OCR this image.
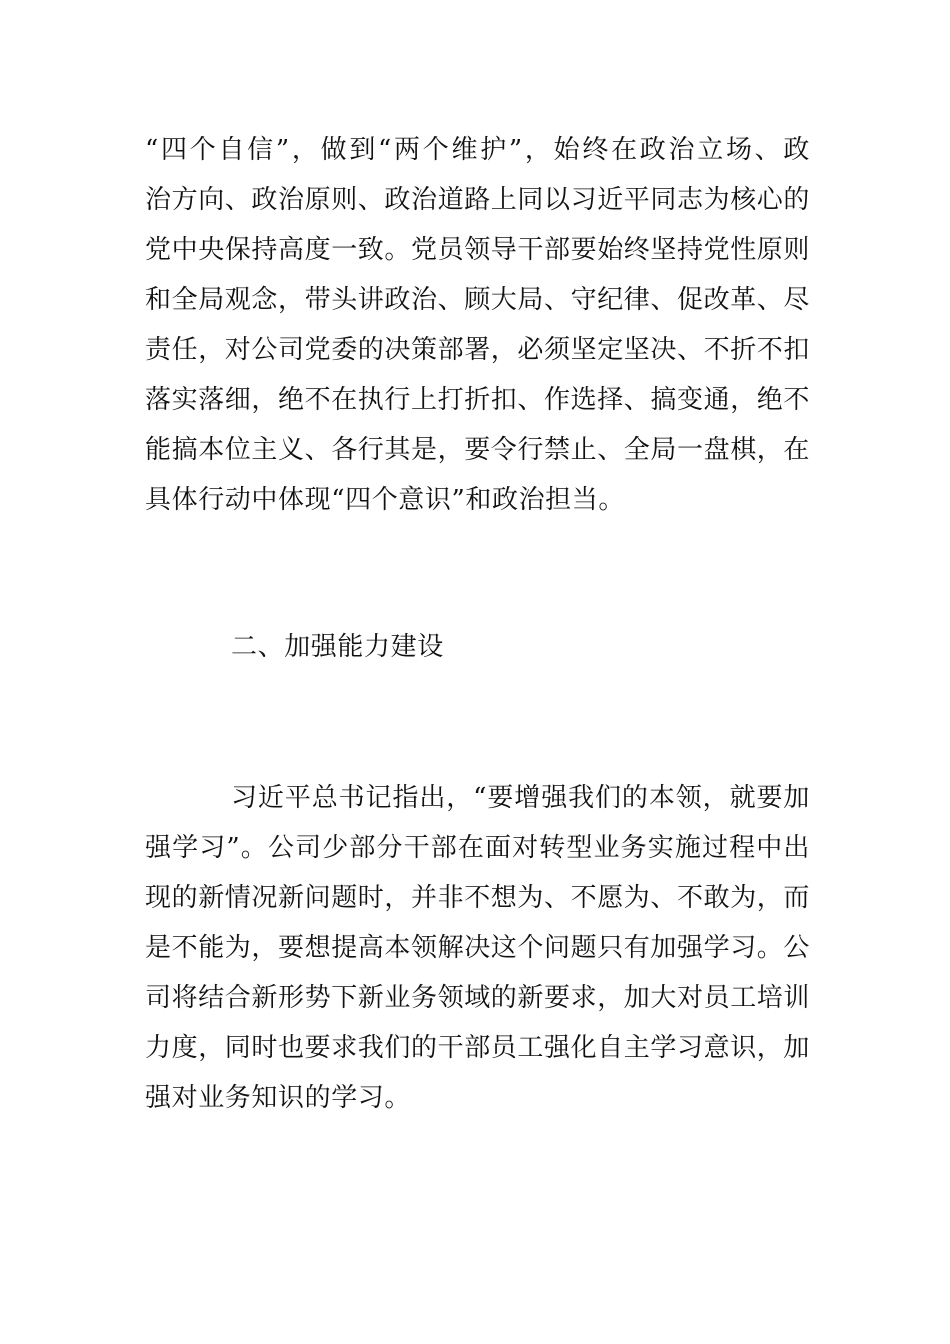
“四个自信”，做到“两个维护”，始终在政治立场、政
治方向、政治原则、政治道路上同以习近平同志为核心的
党中央保持高度一致。党员领导干部要始终坚持党性原则
和全局观念，带头讲政治、顾大局、守纪律、促改革、尽
责任，对公司党委的决策部署，必须坚定坚决、不折不扣
落实落细，绝不在执行上打折扣、作选择、搞变通，绝不
能搞本位主义、各行其是，要令行禁止、全局一盘棋，在
具体行动中体现“四个意识”和政治担当。
二、加强能力建设
习近平总书记指出，“要增强我们的本领，就要加
强学习”。公司少部分干部在面对转型业务实施过程中出
现的新情况新问题时，并非不想为、不愿为、不敢为，而
是不能为，要想提高本领解决这个问题只有加强学习。公
司将结合新形势下新业务领域的新要求，加大对员工培训
力度，同时也要求我们的干部员工强化自主学习意识，加
强对业务知识的学习。
